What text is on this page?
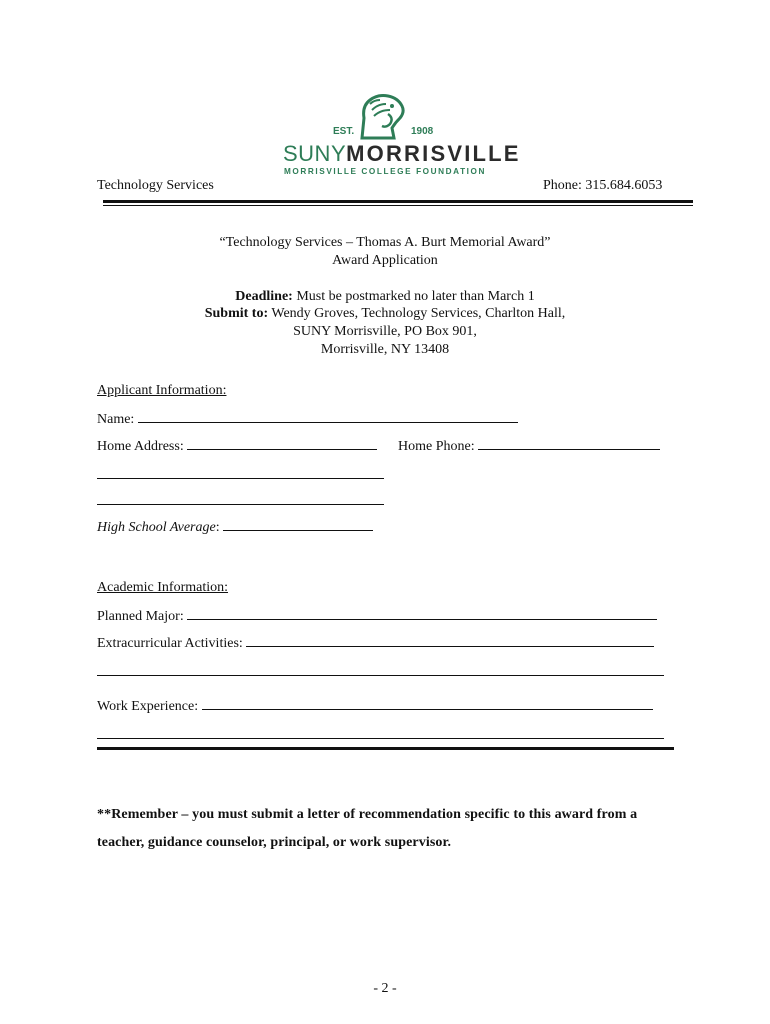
EST.	1908
SUNYMORRISVILLE
MORRISVILLE COLLEGE FOUNDATION
Technology Services	Phone: 315.684.6053
“Technology Services – Thomas A. Burt Memorial Award”
Award Application
Deadline: Must be postmarked no later than March 1
Submit to: Wendy Groves, Technology Services, Charlton Hall,
SUNY Morrisville, PO Box 901,
Morrisville, NY 13408
Applicant Information:
Name:
Home Address:	Home Phone:
High School Average:
Academic Information:
Planned Major:
Extracurricular Activities:
Work Experience:
**Remember – you must submit a letter of recommendation specific to this award from a
teacher, guidance counselor, principal, or work supervisor.
- 2 -
